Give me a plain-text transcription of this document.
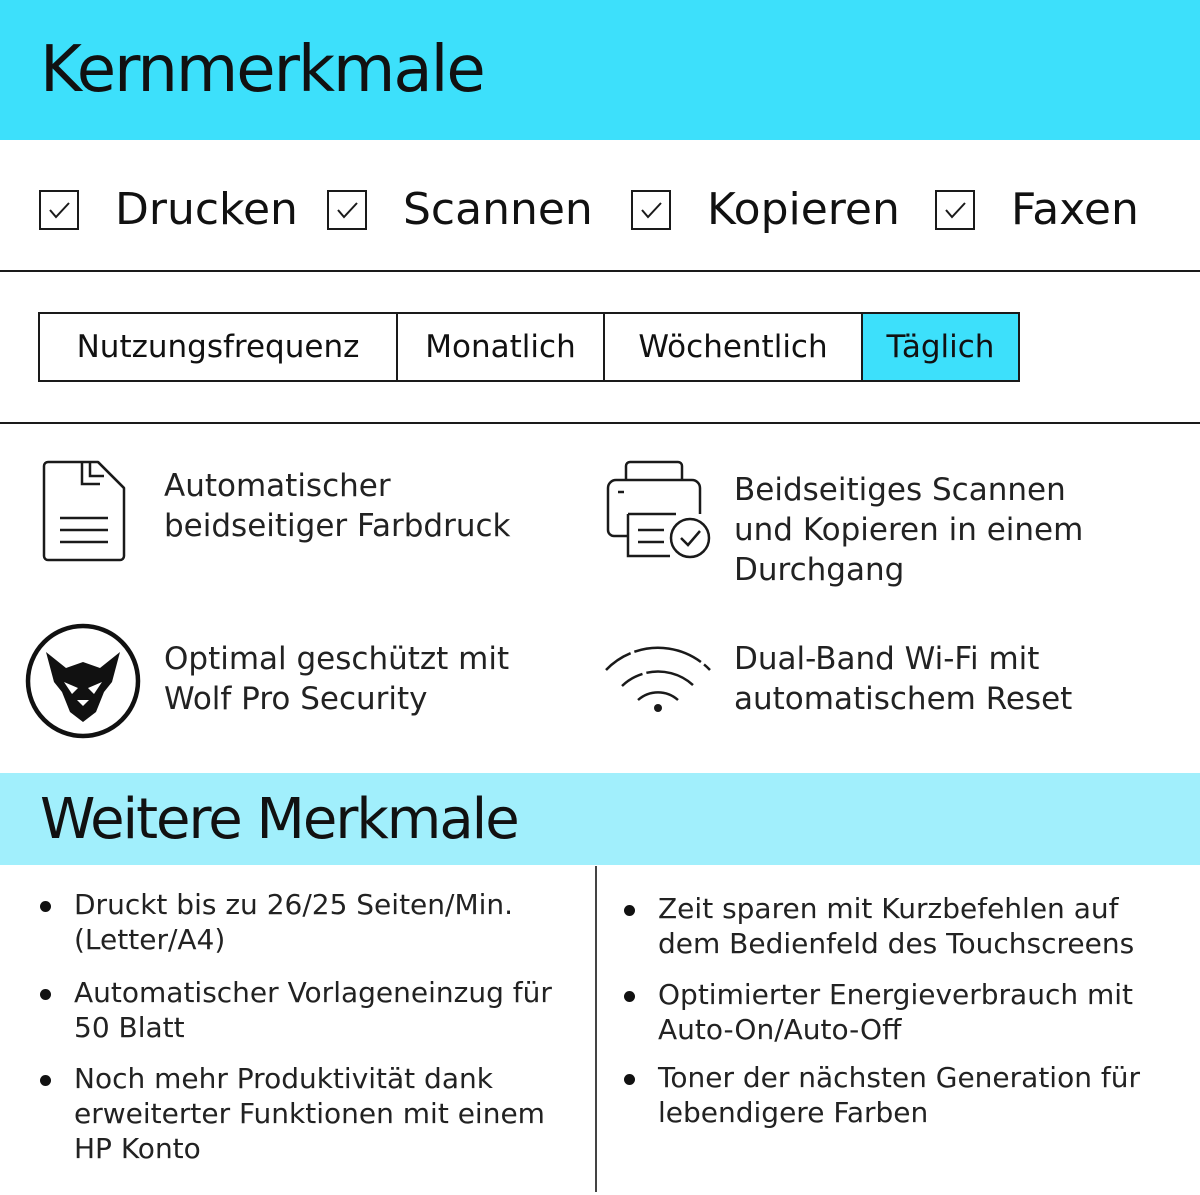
Kernmerkmale
Drucken Scannen	Kopieren	Faxen
Nutzungsfrequenz	Monatlich	Wöchentlich	Täglich
Automatischer
beidseitiger Farbdruck
Beidseitiges Scannen
und Kopieren in einem
Durchgang
Optimal geschützt mit
Wolf Pro Security
Dual-Band Wi-Fi mit
automatischem Reset
Weitere Merkmale
Druckt bis zu 26/25 Seiten/Min. (Letter/A4)
Automatischer Vorlageneinzug für 50 Blatt
Noch mehr Produktivität dank erweiterter Funktionen mit einem HP Konto
Zeit sparen mit Kurzbefehlen auf dem Bedienfeld des Touchscreens
Optimierter Energieverbrauch mit Auto-On/Auto-Off
Toner der nächsten Generation für lebendigere Farben
